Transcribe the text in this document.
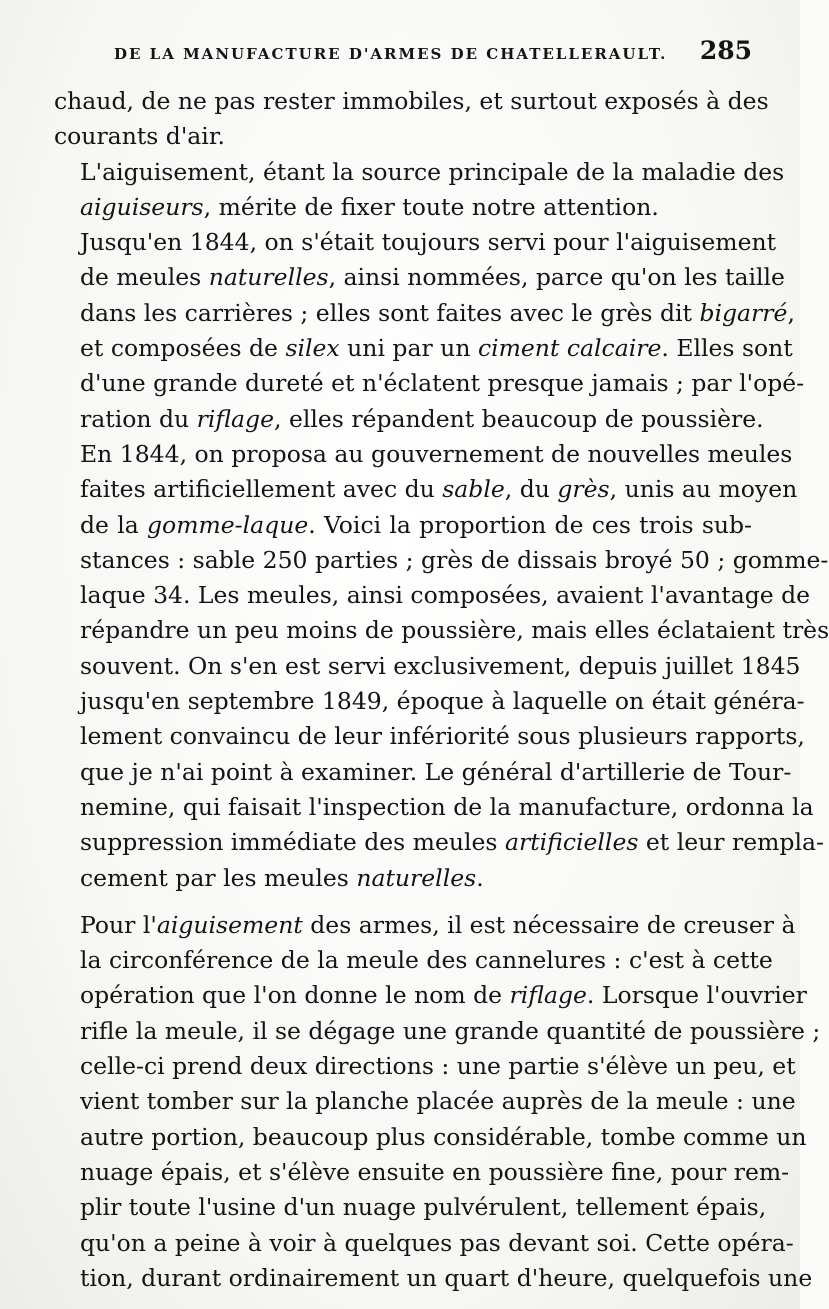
DE LA MANUFACTURE D'ARMES DE CHATELLERAULT. 285
chaud, de ne pas rester immobiles, et surtout exposés à des
courants d'air.
L'aiguisement, étant la source principale de la maladie des
aiguiseurs, mérite de fixer toute notre attention.
Jusqu'en 1844, on s'était toujours servi pour l'aiguisement
de meules naturelles, ainsi nommées, parce qu'on les taille
dans les carrières ; elles sont faites avec le grès dit bigarré,
et composées de silex uni par un ciment calcaire. Elles sont
d'une grande dureté et n'éclatent presque jamais ; par l'opé-
ration du riflage, elles répandent beaucoup de poussière.
En 1844, on proposa au gouvernement de nouvelles meules
faites artificiellement avec du sable, du grès, unis au moyen
de la gomme-laque. Voici la proportion de ces trois sub-
stances : sable 250 parties ; grès de dissais broyé 50 ; gomme-
laque 34. Les meules, ainsi composées, avaient l'avantage de
répandre un peu moins de poussière, mais elles éclataient très
souvent. On s'en est servi exclusivement, depuis juillet 1845
jusqu'en septembre 1849, époque à laquelle on était généra-
lement convaincu de leur infériorité sous plusieurs rapports,
que je n'ai point à examiner. Le général d'artillerie de Tour-
nemine, qui faisait l'inspection de la manufacture, ordonna la
suppression immédiate des meules artificielles et leur rempla-
cement par les meules naturelles.
Pour l'aiguisement des armes, il est nécessaire de creuser à
la circonférence de la meule des cannelures : c'est à cette
opération que l'on donne le nom de riflage. Lorsque l'ouvrier
rifle la meule, il se dégage une grande quantité de poussière ;
celle-ci prend deux directions : une partie s'élève un peu, et
vient tomber sur la planche placée auprès de la meule : une
autre portion, beaucoup plus considérable, tombe comme un
nuage épais, et s'élève ensuite en poussière fine, pour rem-
plir toute l'usine d'un nuage pulvérulent, tellement épais,
qu'on a peine à voir à quelques pas devant soi. Cette opéra-
tion, durant ordinairement un quart d'heure, quelquefois une
